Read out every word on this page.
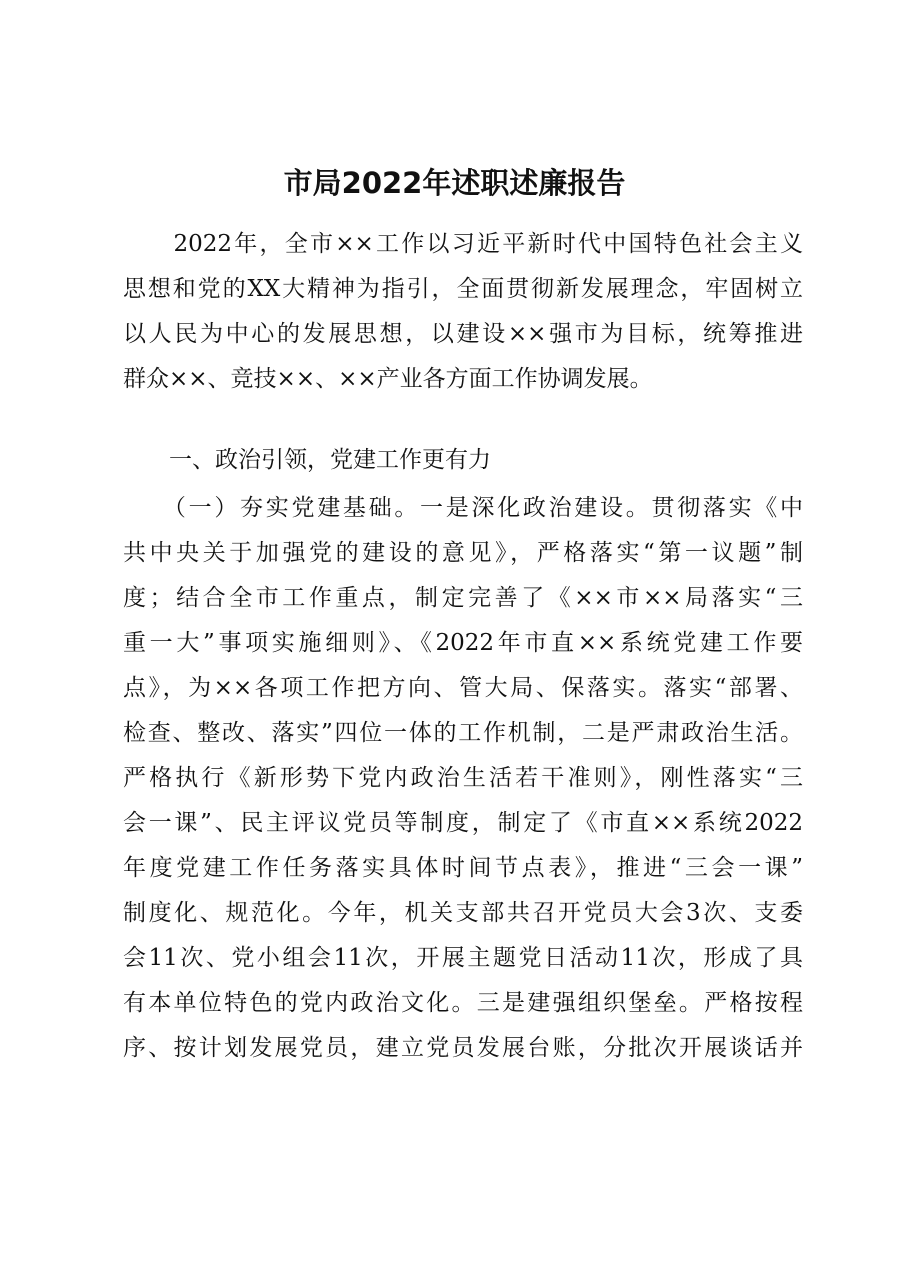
市局2022年述职述廉报告
　　2022年，全市××工作以习近平新时代中国特色社会主义
思想和党的XX大精神为指引，全面贯彻新发展理念，牢固树立
以人民为中心的发展思想，以建设××强市为目标，统筹推进
群众××、竞技××、××产业各方面工作协调发展。
　　一、政治引领，党建工作更有力
　　（一）夯实党建基础。一是深化政治建设。贯彻落实《中
共中央关于加强党的建设的意见》，严格落实“第一议题”制
度；结合全市工作重点，制定完善了《××市××局落实“三
重一大”事项实施细则》、《2022年市直××系统党建工作要
点》，为××各项工作把方向、管大局、保落实。落实“部署、
检查、整改、落实”四位一体的工作机制，二是严肃政治生活。
严格执行《新形势下党内政治生活若干准则》，刚性落实“三
会一课”、民主评议党员等制度，制定了《市直××系统2022
年度党建工作任务落实具体时间节点表》，推进“三会一课”
制度化、规范化。今年，机关支部共召开党员大会3次、支委
会11次、党小组会11次，开展主题党日活动11次，形成了具
有本单位特色的党内政治文化。三是建强组织堡垒。严格按程
序、按计划发展党员，建立党员发展台账，分批次开展谈话并
